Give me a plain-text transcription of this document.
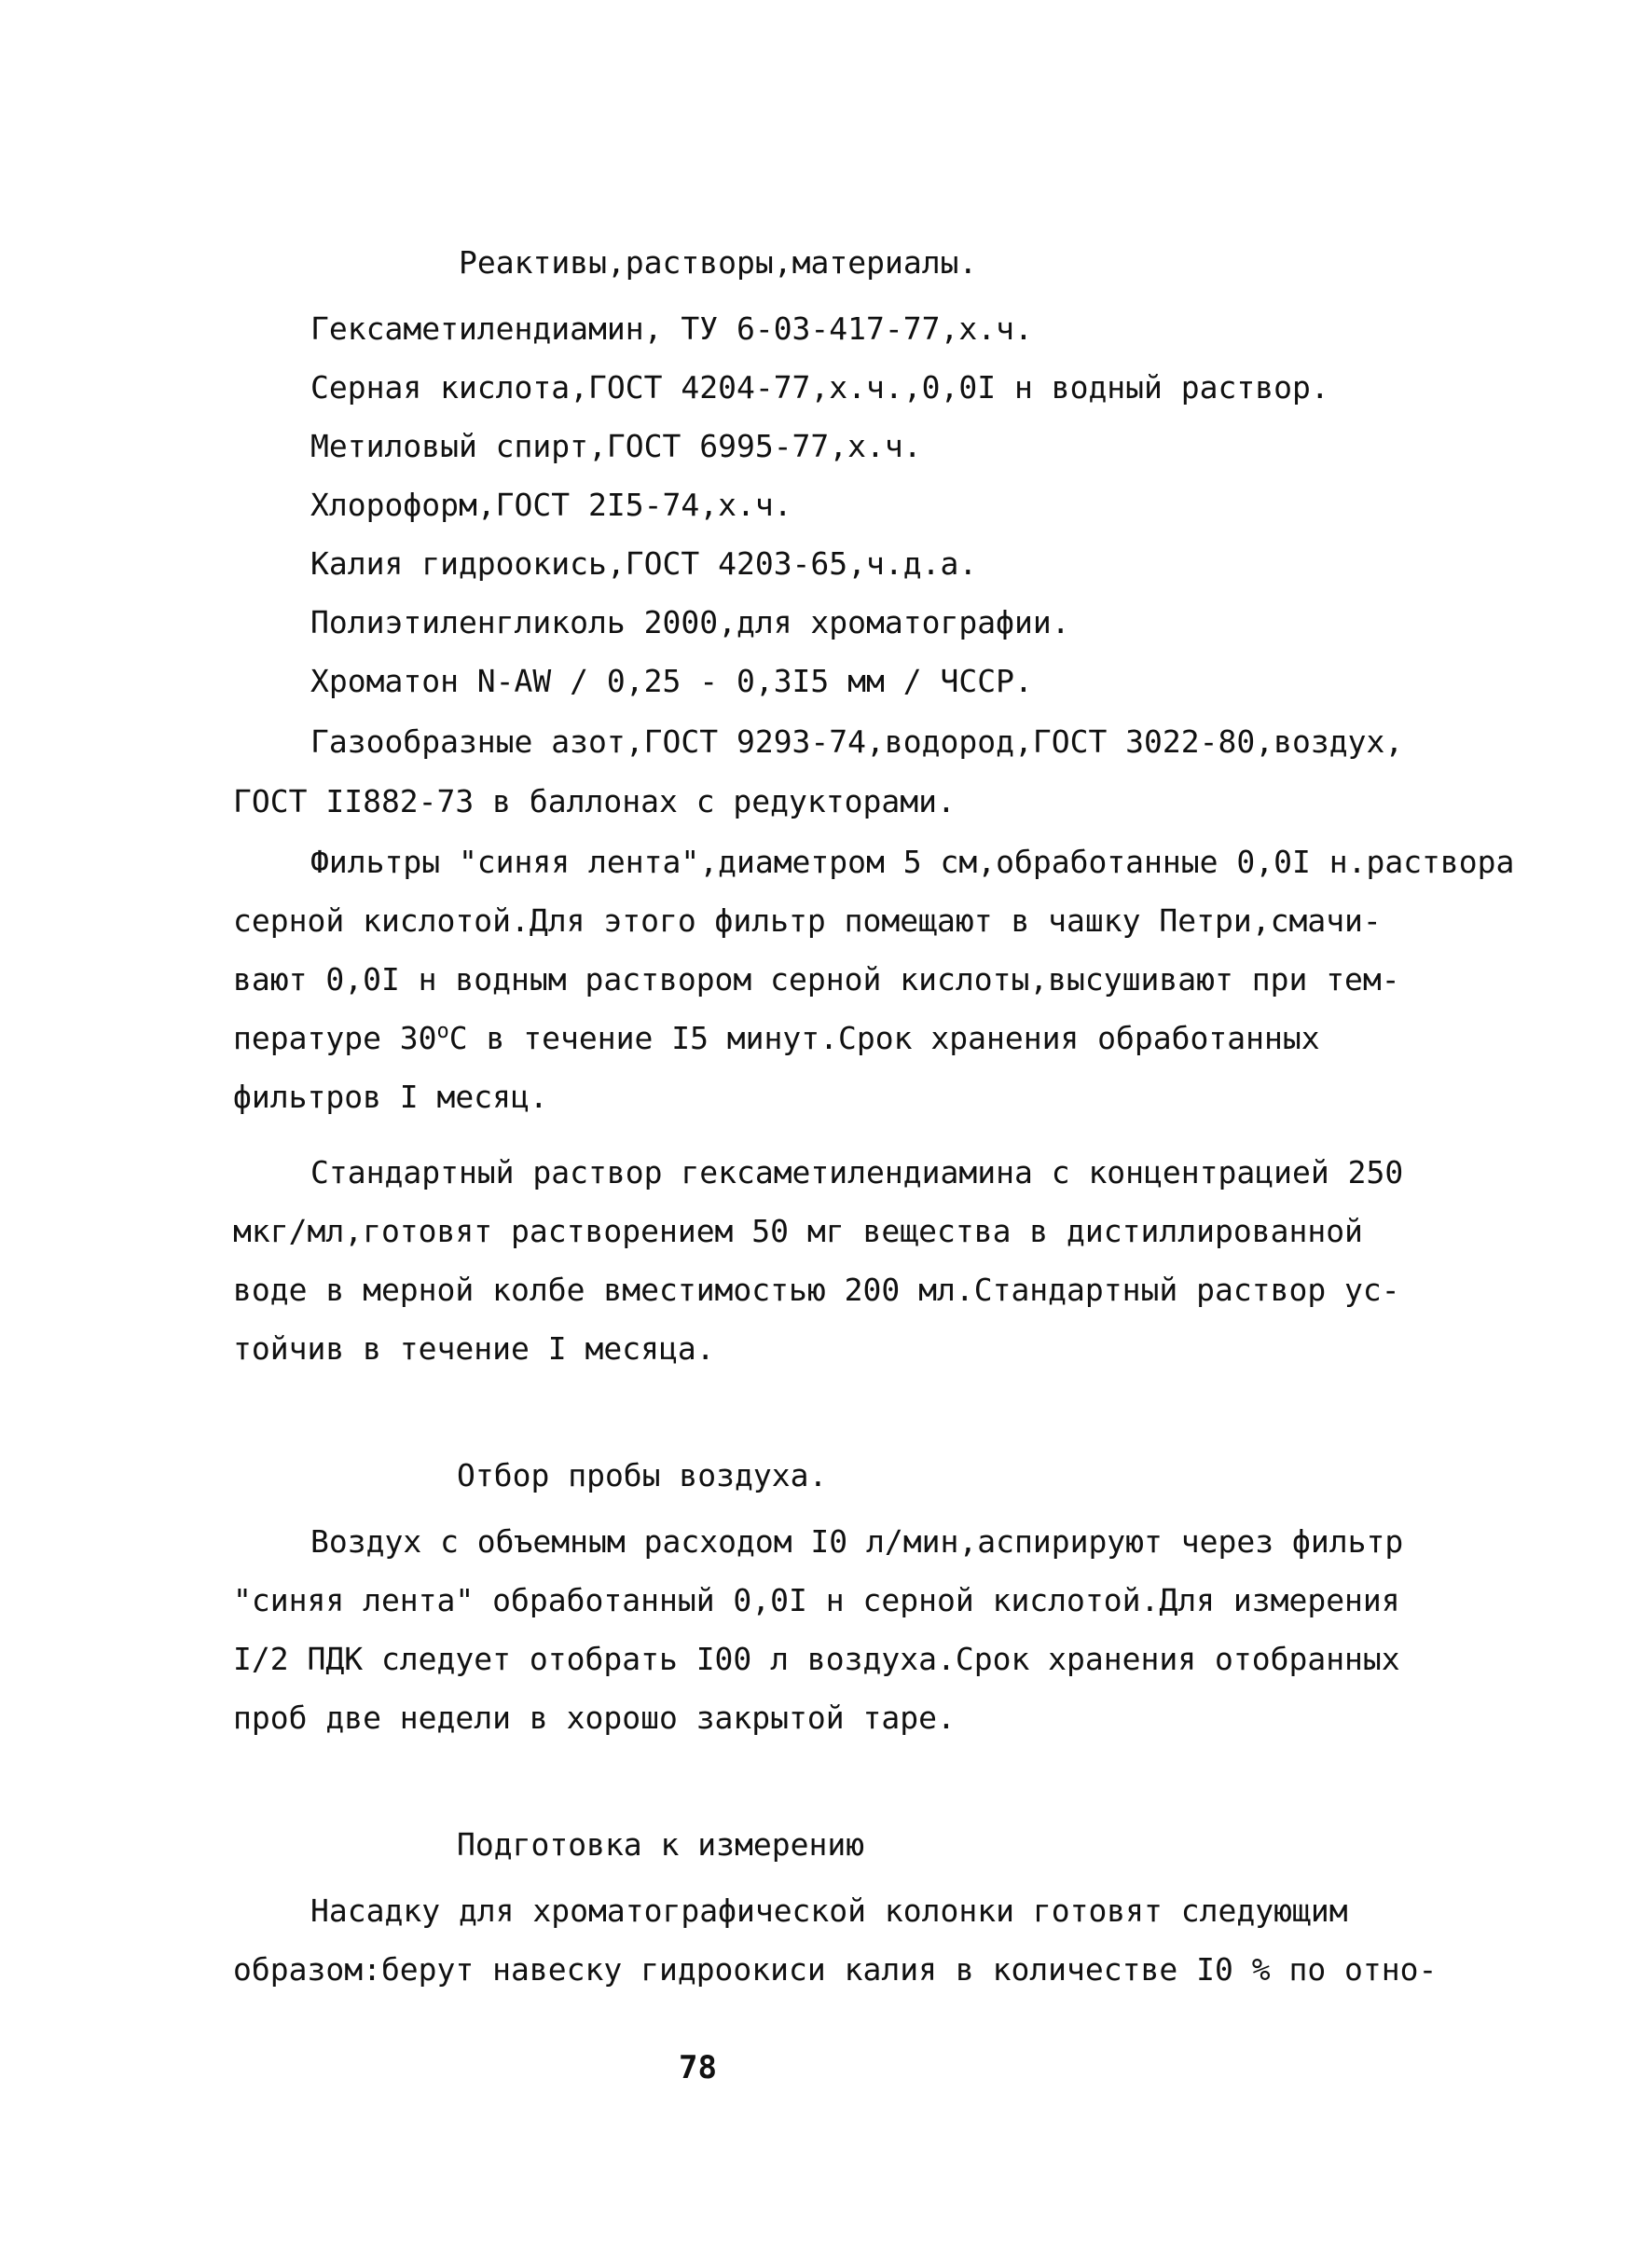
Реактивы,растворы,материалы.
Гексаметилендиамин, ТУ 6-03-417-77,х.ч.
Серная кислота,ГОСТ 4204-77,х.ч.,0,0I н водный раствор.
Метиловый спирт,ГОСТ 6995-77,х.ч.
Хлороформ,ГОСТ 2I5-74,х.ч.
Калия гидроокись,ГОСТ 4203-65,ч.д.а.
Полиэтиленгликоль 2000,для хроматографии.
Хроматон N-AW / 0,25 - 0,3I5 мм / ЧССР.
Газообразные азот,ГОСТ 9293-74,водород,ГОСТ 3022-80,воздух,
ГОСТ II882-73 в баллонах с редукторами.
Фильтры "синяя лента",диаметром 5 см,обработанные 0,0I н.раствора
серной кислотой.Для этого фильтр помещают в чашку Петри,смачи-
вают 0,0I н водным раствором серной кислоты,высушивают при тем-
пературе 30$^o$C в течение I5 минут.Срок хранения обработанных
фильтров I месяц.
Стандартный раствор гексаметилендиамина с концентрацией 250
мкг/мл,готовят растворением 50 мг вещества в дистиллированной
воде в мерной колбе вместимостью 200 мл.Стандартный раствор ус-
тойчив в течение I месяца.
Отбор пробы воздуха.
Воздух с объемным расходом I0 л/мин,аспирируют через фильтр
"синяя лента" обработанный 0,0I н серной кислотой.Для измерения
I/2 ПДК следует отобрать I00 л воздуха.Срок хранения отобранных
проб две недели в хорошо закрытой таре.
Подготовка к измерению
Насадку для хроматографической колонки готовят следующим
образом:берут навеску гидроокиси калия в количестве I0 % по отно-
78
